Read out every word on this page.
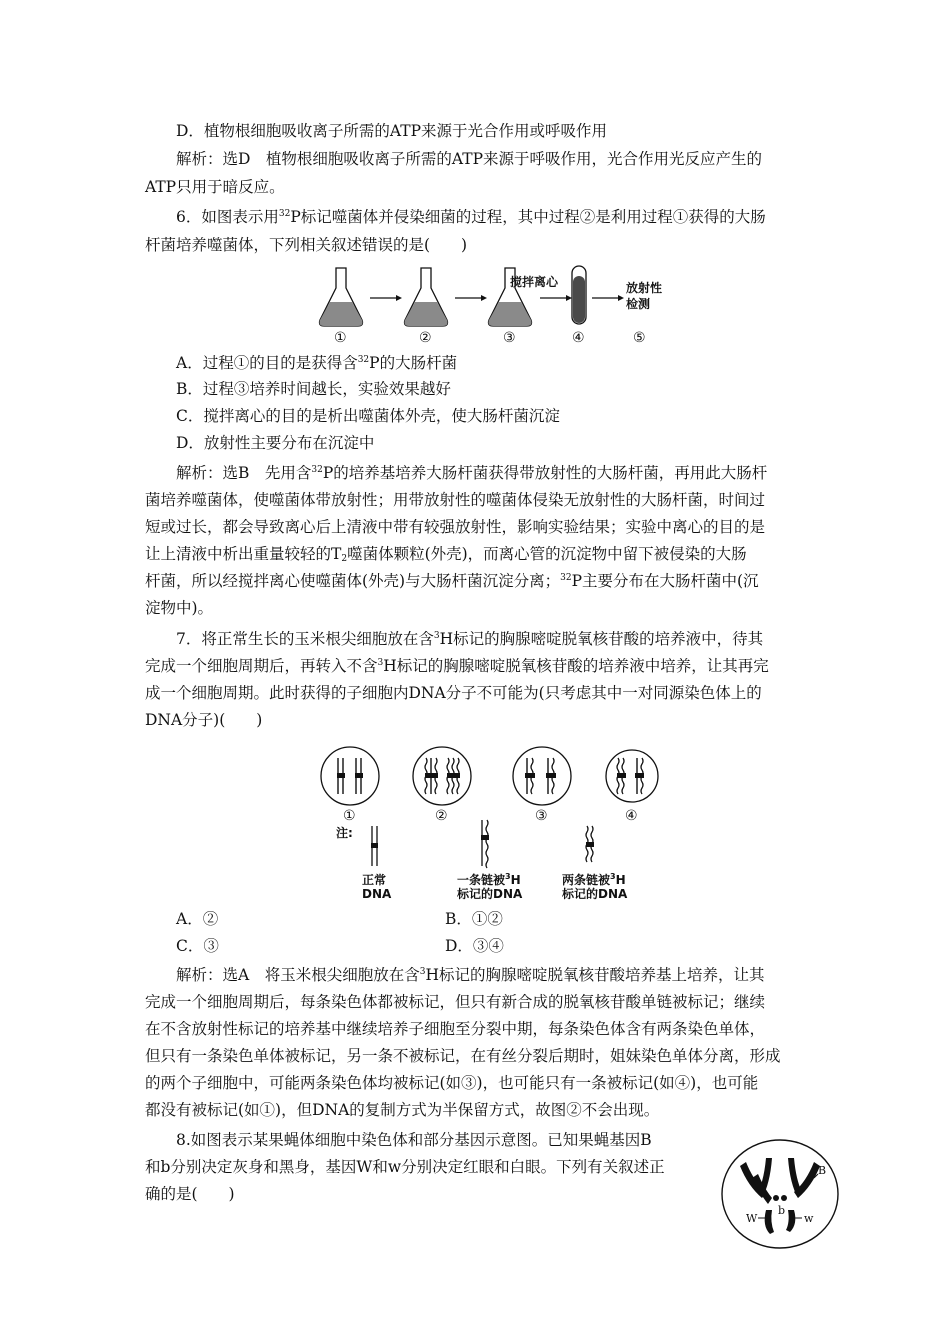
D．植物根细胞吸收离子所需的ATP来源于光合作用或呼吸作用
解析：选D　植物根细胞吸收离子所需的ATP来源于呼吸作用，光合作用光反应产生的
ATP只用于暗反应。
6．如图表示用$^{32}$P标记噬菌体并侵染细菌的过程，其中过程②是利用过程①获得的大肠
杆菌培养噬菌体，下列相关叙述错误的是(　　)
搅拌离心	放射性
检测
①	②	③	④	⑤
A．过程①的目的是获得含$^{32}$P的大肠杆菌
B．过程③培养时间越长，实验效果越好
C．搅拌离心的目的是析出噬菌体外壳，使大肠杆菌沉淀
D．放射性主要分布在沉淀中
解析：选B　先用含$^{32}$P的培养基培养大肠杆菌获得带放射性的大肠杆菌，再用此大肠杆
菌培养噬菌体，使噬菌体带放射性；用带放射性的噬菌体侵染无放射性的大肠杆菌，时间过
短或过长，都会导致离心后上清液中带有较强放射性，影响实验结果；实验中离心的目的是
让上清液中析出重量较轻的$T_2$噬菌体颗粒(外壳)，而离心管的沉淀物中留下被侵染的大肠
杆菌，所以经搅拌离心使噬菌体(外壳)与大肠杆菌沉淀分离；$^{32}$P主要分布在大肠杆菌中(沉
淀物中)。
7．将正常生长的玉米根尖细胞放在含$^3$H标记的胸腺嘧啶脱氧核苷酸的培养液中，待其
完成一个细胞周期后，再转入不含$^3$H标记的胸腺嘧啶脱氧核苷酸的培养液中培养，让其再完
成一个细胞周期。此时获得的子细胞内DNA分子不可能为(只考虑其中一对同源染色体上的
DNA分子)(　　)
①	②	③	④
注:
正常
DNA
一条链被$^3$H
标记的DNA
两条链被$^3$H
标记的DNA
A．②	B．①②
C．③	D．③④
解析：选A　将玉米根尖细胞放在含$^3$H标记的胸腺嘧啶脱氧核苷酸培养基上培养，让其
完成一个细胞周期后，每条染色体都被标记，但只有新合成的脱氧核苷酸单链被标记；继续
在不含放射性标记的培养基中继续培养子细胞至分裂中期，每条染色体含有两条染色单体，
但只有一条染色单体被标记，另一条不被标记，在有丝分裂后期时，姐妹染色单体分离，形成
的两个子细胞中，可能两条染色体均被标记(如③)，也可能只有一条被标记(如④)，也可能
都没有被标记(如①)，但DNA的复制方式为半保留方式，故图②不会出现。
8.如图表示某果蝇体细胞中染色体和部分基因示意图。已知果蝇基因B
和b分别决定灰身和黑身，基因W和w分别决定红眼和白眼。下列有关叙述正
确的是(　　)
B
b
W	w
